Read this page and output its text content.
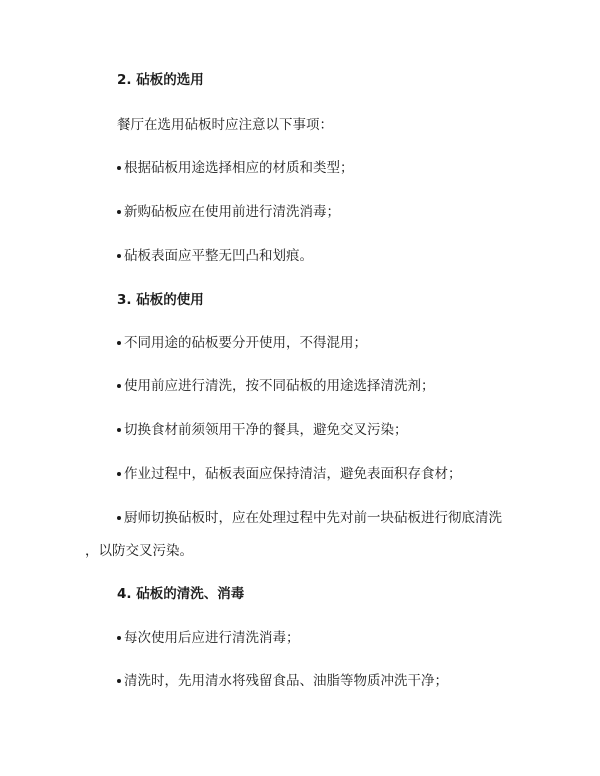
2. 砧板的选用
餐厅在选用砧板时应注意以下事项：
根据砧板用途选择相应的材质和类型；
新购砧板应在使用前进行清洗消毒；
砧板表面应平整无凹凸和划痕。
3. 砧板的使用
不同用途的砧板要分开使用，不得混用；
使用前应进行清洗，按不同砧板的用途选择清洗剂；
切换食材前须领用干净的餐具，避免交叉污染；
作业过程中，砧板表面应保持清洁，避免表面积存食材；
厨师切换砧板时，应在处理过程中先对前一块砧板进行彻底清洗
，以防交叉污染。
4. 砧板的清洗、消毒
每次使用后应进行清洗消毒；
清洗时，先用清水将残留食品、油脂等物质冲洗干净；
